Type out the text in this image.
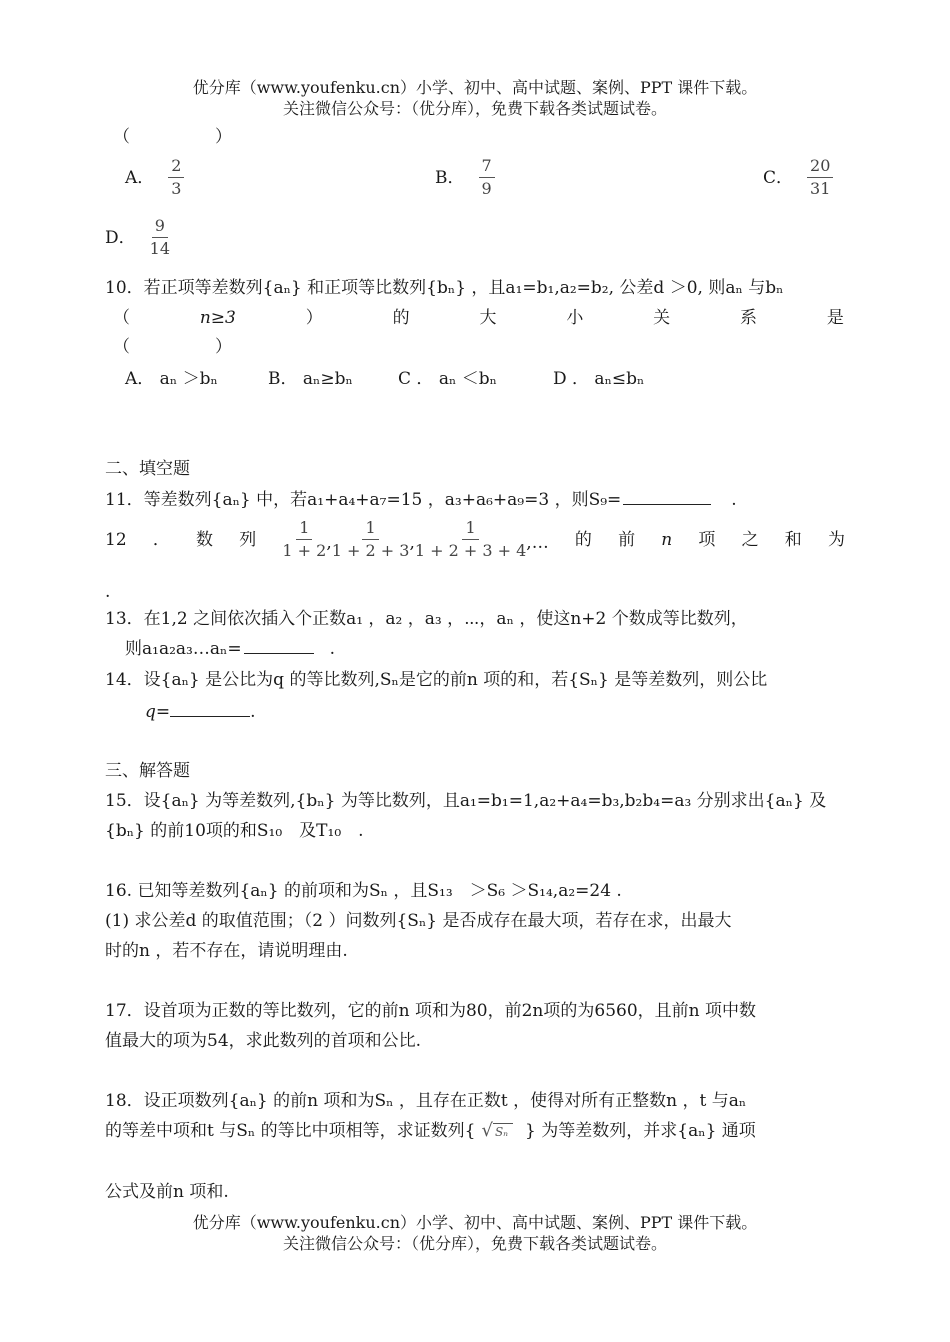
优分库（www.youfenku.cn）小学、初中、高中试题、案例、PPT 课件下载。
关注微信公众号：（优分库），免费下载各类试题试卷。
（　　　　　）
A． $\frac{2}{3}$	B． $\frac{7}{9}$	C． $\frac{20}{31}$
D． $\frac{9}{14}$
10．若正项等差数列{aₙ} 和正项等比数列{bₙ} ，且a₁=b₁,a₂=b₂, 公差d ＞0, 则aₙ 与bₙ
（	n≥3	）	的	大	小	关	系	是
（　　　　　）
A． aₙ ＞bₙ	B． aₙ≥bₙ	C ． aₙ ＜bₙ	D ． aₙ≤bₙ
二、填空题
11．等差数列{aₙ} 中，若a₁+a₄+a₇=15 ，a₃+a₆+a₉=3 ，则S₉=	.
12 ． 数 列 $\frac{1}{1 + 2}$ , $\frac{1}{1 + 2 + 3}$ , $\frac{1}{1 + 2 + 3 + 4}$ ,… 的 前 n 项 之 和 为
.
13．在1,2 之间依次插入个正数a₁ ，a₂ ，a₃ ，⋯，aₙ ，使这n+2 个数成等比数列，
则a₁a₂a₃…aₙ=	.
14．设{aₙ} 是公比为q 的等比数列,Sₙ是它的前n 项的和，若{Sₙ} 是等差数列，则公比
q=	.
三、解答题
15．设{aₙ} 为等差数列,{bₙ} 为等比数列，且a₁=b₁=1,a₂+a₄=b₃,b₂b₄=a₃ 分别求出{aₙ} 及
{bₙ} 的前10项的和S₁₀　及T₁₀　.
16. 已知等差数列{aₙ} 的前项和为Sₙ ，且S₁₃　＞S₆ ＞S₁₄,a₂=24 .
(1) 求公差d 的取值范围；（2 ）问数列{Sₙ} 是否成存在最大项，若存在求，出最大
时的n ，若不存在，请说明理由.
17．设首项为正数的等比数列，它的前n 项和为80，前2n项的为6560，且前n 项中数
值最大的项为54，求此数列的首项和公比.
18．设正项数列{aₙ} 的前n 项和为Sₙ ，且存在正数t ，使得对所有正整数n ，t 与aₙ
的等差中项和t 与Sₙ 的等比中项相等，求证数列{ √ Sₙ } 为等差数列，并求{aₙ} 通项
公式及前n 项和.
优分库（www.youfenku.cn）小学、初中、高中试题、案例、PPT 课件下载。
关注微信公众号：（优分库），免费下载各类试题试卷。
